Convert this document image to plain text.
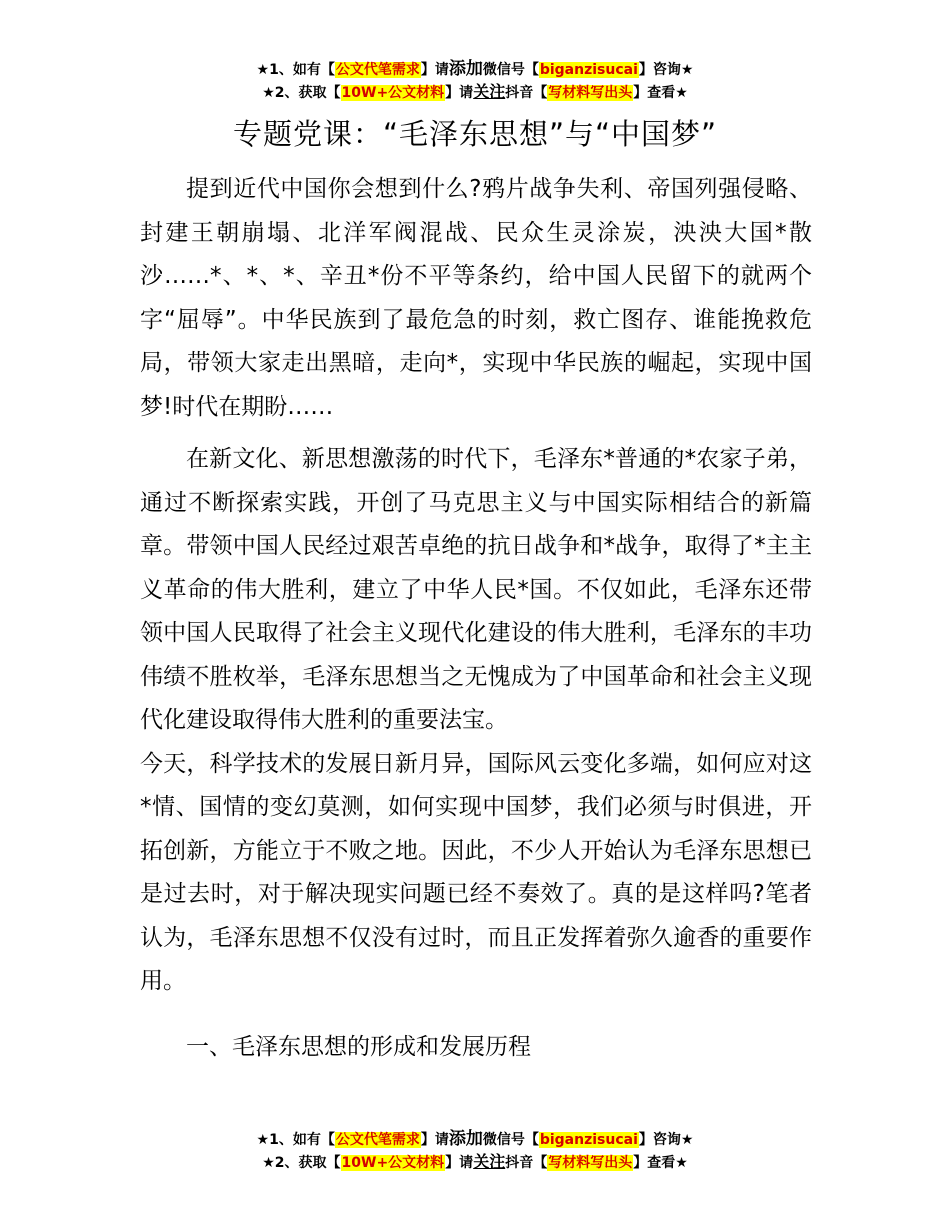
★1、如有【公文代笔需求】请添加微信号【biganzisucai】咨询★
★2、获取【10W+公文材料】请关注抖音【写材料写出头】查看★
专题党课：“毛泽东思想”与“中国梦”

提到近代中国你会想到什么?鸦片战争失利、帝国列强侵略、封建王朝崩塌、北洋军阀混战、民众生灵涂炭，泱泱大国*散沙……*、*、*、辛丑*份不平等条约，给中国人民留下的就两个字“屈辱”。中华民族到了最危急的时刻，救亡图存、谁能挽救危局，带领大家走出黑暗，走向*，实现中华民族的崛起，实现中国梦!时代在期盼……

在新文化、新思想激荡的时代下，毛泽东*普通的*农家子弟，通过不断探索实践，开创了马克思主义与中国实际相结合的新篇章。带领中国人民经过艰苦卓绝的抗日战争和*战争，取得了*主主义革命的伟大胜利，建立了中华人民*国。不仅如此，毛泽东还带领中国人民取得了社会主义现代化建设的伟大胜利，毛泽东的丰功伟绩不胜枚举，毛泽东思想当之无愧成为了中国革命和社会主义现代化建设取得伟大胜利的重要法宝。

今天，科学技术的发展日新月异，国际风云变化多端，如何应对这*情、国情的变幻莫测，如何实现中国梦，我们必须与时俱进，开拓创新，方能立于不败之地。因此，不少人开始认为毛泽东思想已是过去时，对于解决现实问题已经不奏效了。真的是这样吗?笔者认为，毛泽东思想不仅没有过时，而且正发挥着弥久逾香的重要作用。

一、毛泽东思想的形成和发展历程

★1、如有【公文代笔需求】请添加微信号【biganzisucai】咨询★
★2、获取【10W+公文材料】请关注抖音【写材料写出头】查看★
